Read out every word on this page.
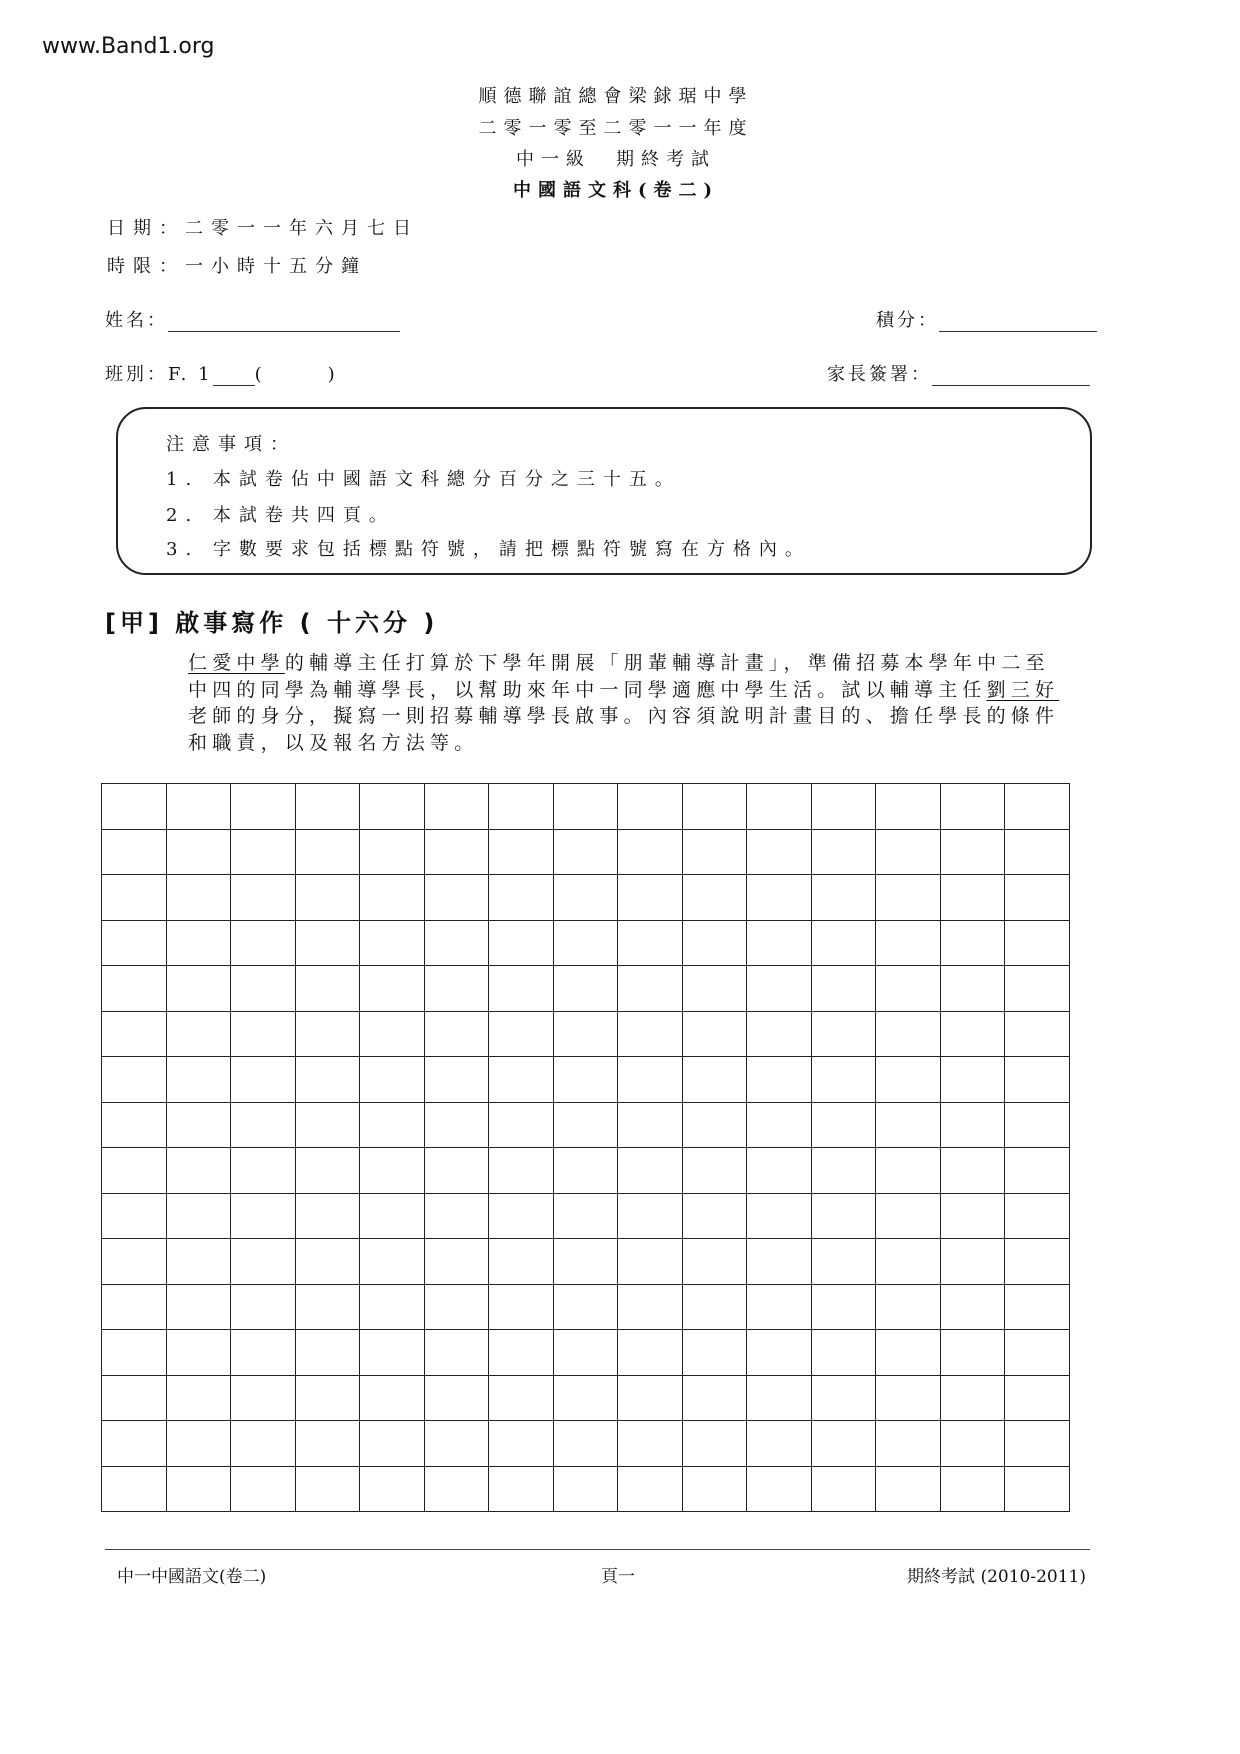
www.Band1.org
順德聯誼總會梁銶琚中學
二零一零至二零一一年度
中一級　期終考試
中國語文科(卷二)
日期：二零一一年六月七日
時限：一小時十五分鐘
姓名：	積分：
班別：F. 1 (　　　)	家長簽署：
注意事項：
1. 本試卷佔中國語文科總分百分之三十五。
2. 本試卷共四頁。
3. 字數要求包括標點符號，請把標點符號寫在方格內。
[甲] 啟事寫作 ( 十六分 )
仁愛中學的輔導主任打算於下學年開展「朋輩輔導計畫」，準備招募本學年中二至中四的同學為輔導學長，以幫助來年中一同學適應中學生活。試以輔導主任劉三好老師的身分，擬寫一則招募輔導學長啟事。內容須說明計畫目的、擔任學長的條件和職責，以及報名方法等。
中一中國語文(卷二)	頁一	期終考試 (2010-2011)
